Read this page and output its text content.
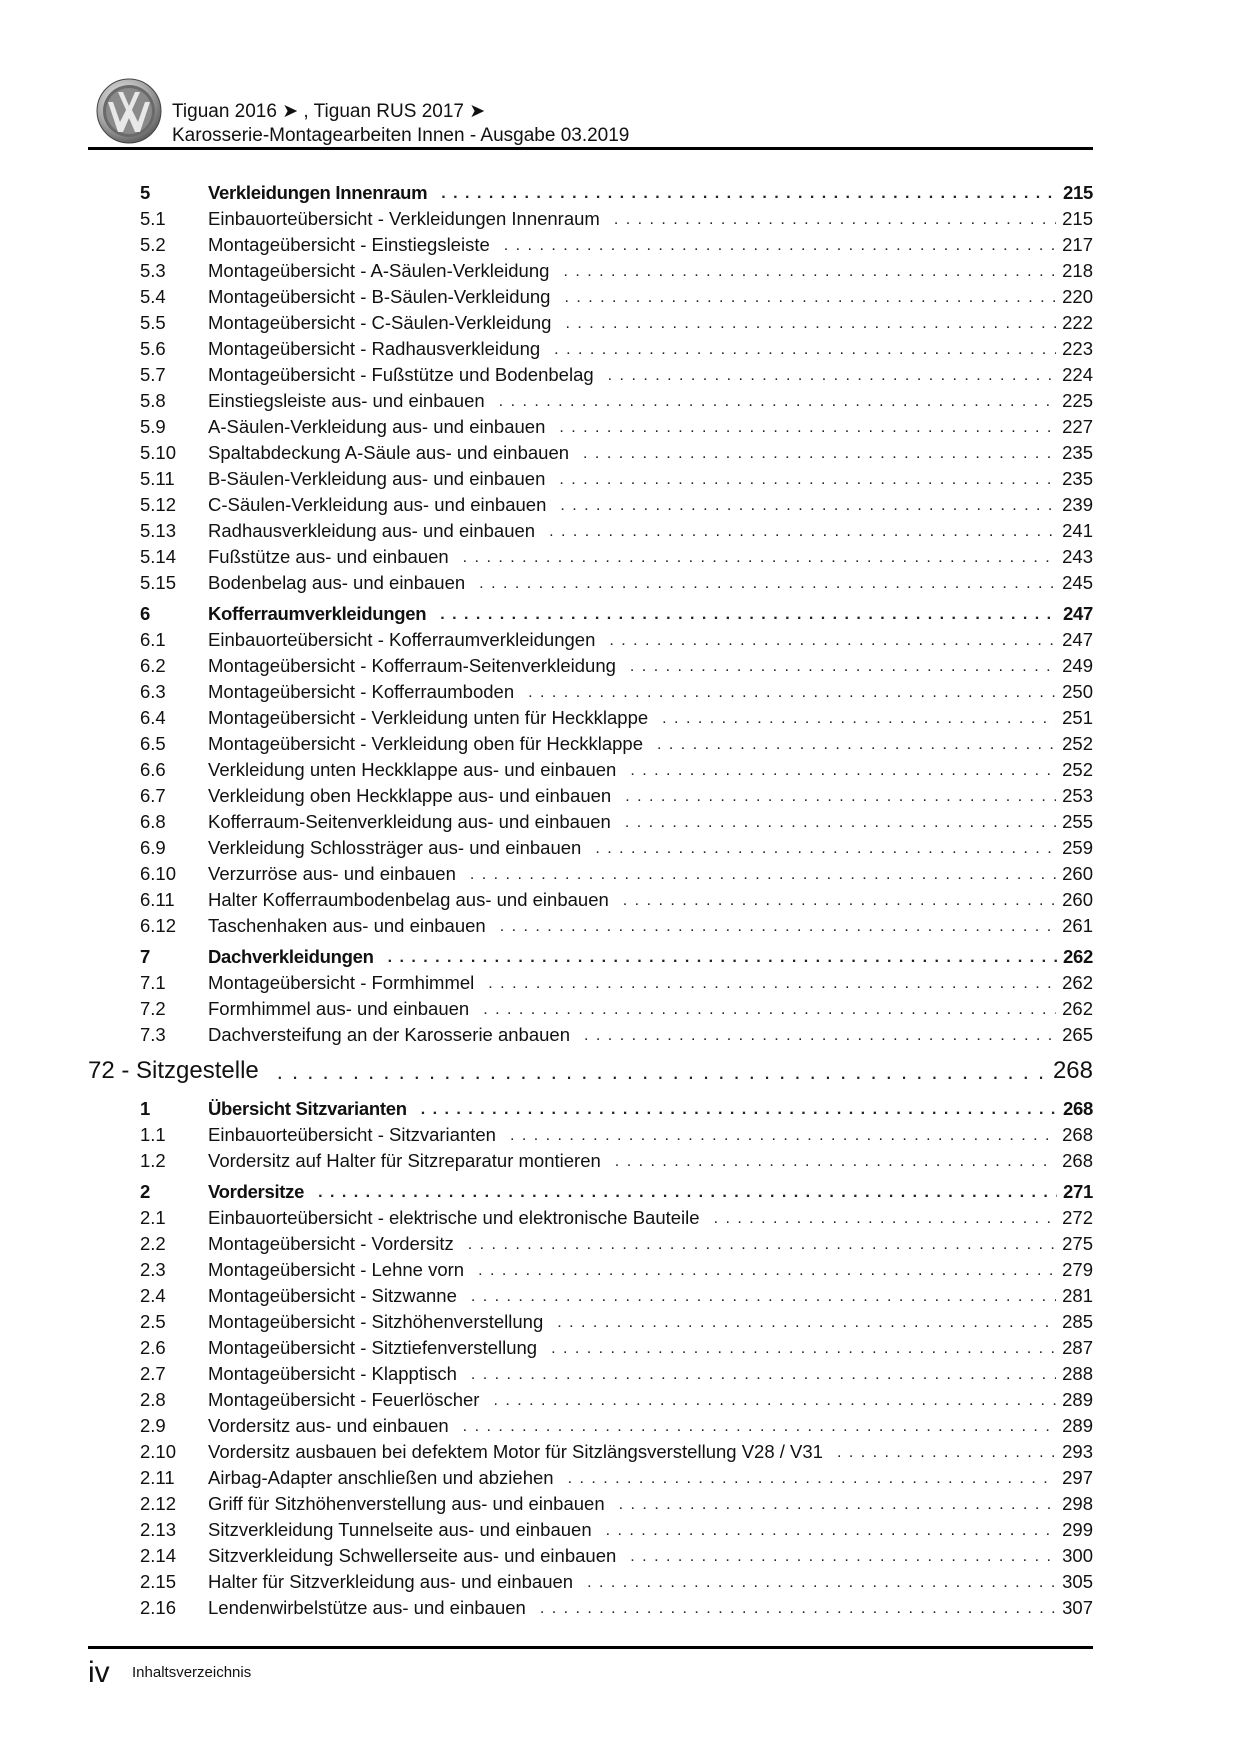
Tiguan 2016 ➤ , Tiguan RUS 2017 ➤
Karosserie-Montagearbeiten Innen - Ausgabe 03.2019
5	Verkleidungen Innenraum . . .	215
5.1	Einbauorteübersicht - Verkleidungen Innenraum . . .	215
5.2	Montageübersicht - Einstiegsleiste . . .	217
5.3	Montageübersicht - A-Säulen-Verkleidung . . .	218
5.4	Montageübersicht - B-Säulen-Verkleidung . . .	220
5.5	Montageübersicht - C-Säulen-Verkleidung . . .	222
5.6	Montageübersicht - Radhausverkleidung . . .	223
5.7	Montageübersicht - Fußstütze und Bodenbelag . . .	224
5.8	Einstiegsleiste aus- und einbauen . . .	225
5.9	A-Säulen-Verkleidung aus- und einbauen . . .	227
5.10	Spaltabdeckung A-Säule aus- und einbauen . . .	235
5.11	B-Säulen-Verkleidung aus- und einbauen . . .	235
5.12	C-Säulen-Verkleidung aus- und einbauen . . .	239
5.13	Radhausverkleidung aus- und einbauen . . .	241
5.14	Fußstütze aus- und einbauen . . .	243
5.15	Bodenbelag aus- und einbauen . . .	245
6	Kofferraumverkleidungen . . .	247
6.1	Einbauorteübersicht - Kofferraumverkleidungen . . .	247
6.2	Montageübersicht - Kofferraum-Seitenverkleidung . . .	249
6.3	Montageübersicht - Kofferraumboden . . .	250
6.4	Montageübersicht - Verkleidung unten für Heckklappe . . .	251
6.5	Montageübersicht - Verkleidung oben für Heckklappe . . .	252
6.6	Verkleidung unten Heckklappe aus- und einbauen . . .	252
6.7	Verkleidung oben Heckklappe aus- und einbauen . . .	253
6.8	Kofferraum-Seitenverkleidung aus- und einbauen . . .	255
6.9	Verkleidung Schlossträger aus- und einbauen . . .	259
6.10	Verzurröse aus- und einbauen . . .	260
6.11	Halter Kofferraumbodenbelag aus- und einbauen . . .	260
6.12	Taschenhaken aus- und einbauen . . .	261
7	Dachverkleidungen . . .	262
7.1	Montageübersicht - Formhimmel . . .	262
7.2	Formhimmel aus- und einbauen . . .	262
7.3	Dachversteifung an der Karosserie anbauen . . .	265
72 - Sitzgestelle . . .	268
1	Übersicht Sitzvarianten . . .	268
1.1	Einbauorteübersicht - Sitzvarianten . . .	268
1.2	Vordersitz auf Halter für Sitzreparatur montieren . . .	268
2	Vordersitze . . .	271
2.1	Einbauorteübersicht - elektrische und elektronische Bauteile . . .	272
2.2	Montageübersicht - Vordersitz . . .	275
2.3	Montageübersicht - Lehne vorn . . .	279
2.4	Montageübersicht - Sitzwanne . . .	281
2.5	Montageübersicht - Sitzhöhenverstellung . . .	285
2.6	Montageübersicht - Sitztiefenverstellung . . .	287
2.7	Montageübersicht - Klapptisch . . .	288
2.8	Montageübersicht - Feuerlöscher . . .	289
2.9	Vordersitz aus- und einbauen . . .	289
2.10	Vordersitz ausbauen bei defektem Motor für Sitzlängsverstellung V28 / V31 . . .	293
2.11	Airbag-Adapter anschließen und abziehen . . .	297
2.12	Griff für Sitzhöhenverstellung aus- und einbauen . . .	298
2.13	Sitzverkleidung Tunnelseite aus- und einbauen . . .	299
2.14	Sitzverkleidung Schwellerseite aus- und einbauen . . .	300
2.15	Halter für Sitzverkleidung aus- und einbauen . . .	305
2.16	Lendenwirbelstütze aus- und einbauen . . .	307
iv Inhaltsverzeichnis
